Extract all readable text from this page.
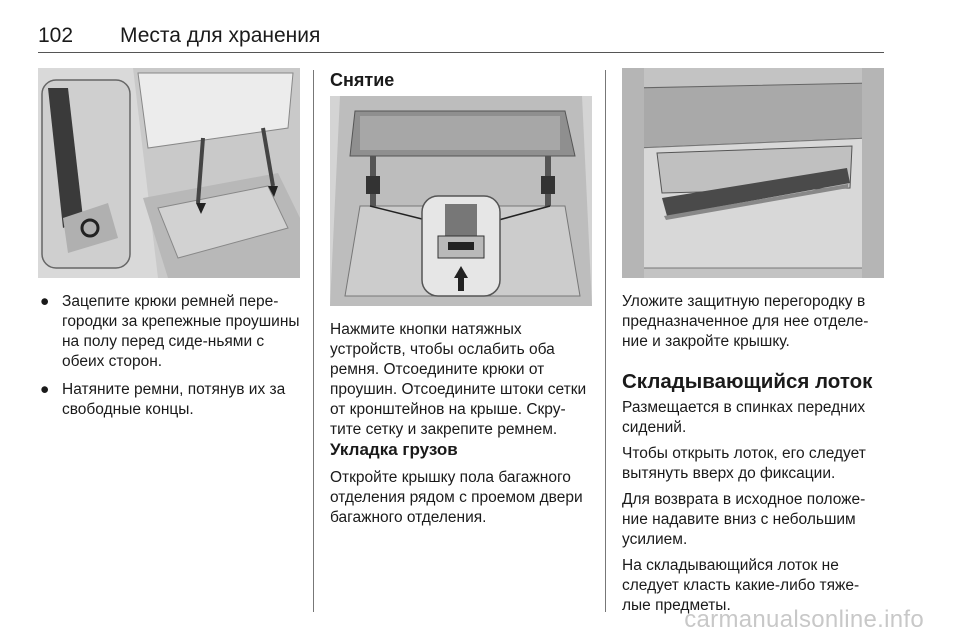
102 Места для хранения
● Зацепите крюки ремней пере-городки за крепежные проушины на полу перед сиде-ньями с обеих сторон.
● Натяните ремни, потянув их за свободные концы.
Снятие

Нажмите кнопки натяжных устройств, чтобы ослабить оба ремня. Отсоедините крюки от проушин. Отсоедините штоки сетки от кронштейнов на крыше. Скру-тите сетку и закрепите ремнем.

Укладка грузов

Откройте крышку пола багажного отделения рядом с проемом двери багажного отделения.

Уложите защитную перегородку в предназначенное для нее отделе-ние и закройте крышку.

Складывающийся лоток

Размещается в спинках передних сидений.

Чтобы открыть лоток, его следует вытянуть вверх до фиксации.

Для возврата в исходное положе-ние надавите вниз с небольшим усилием.

На складывающийся лоток не следует класть какие-либо тяже-лые предметы.

carmanualsonline.info
